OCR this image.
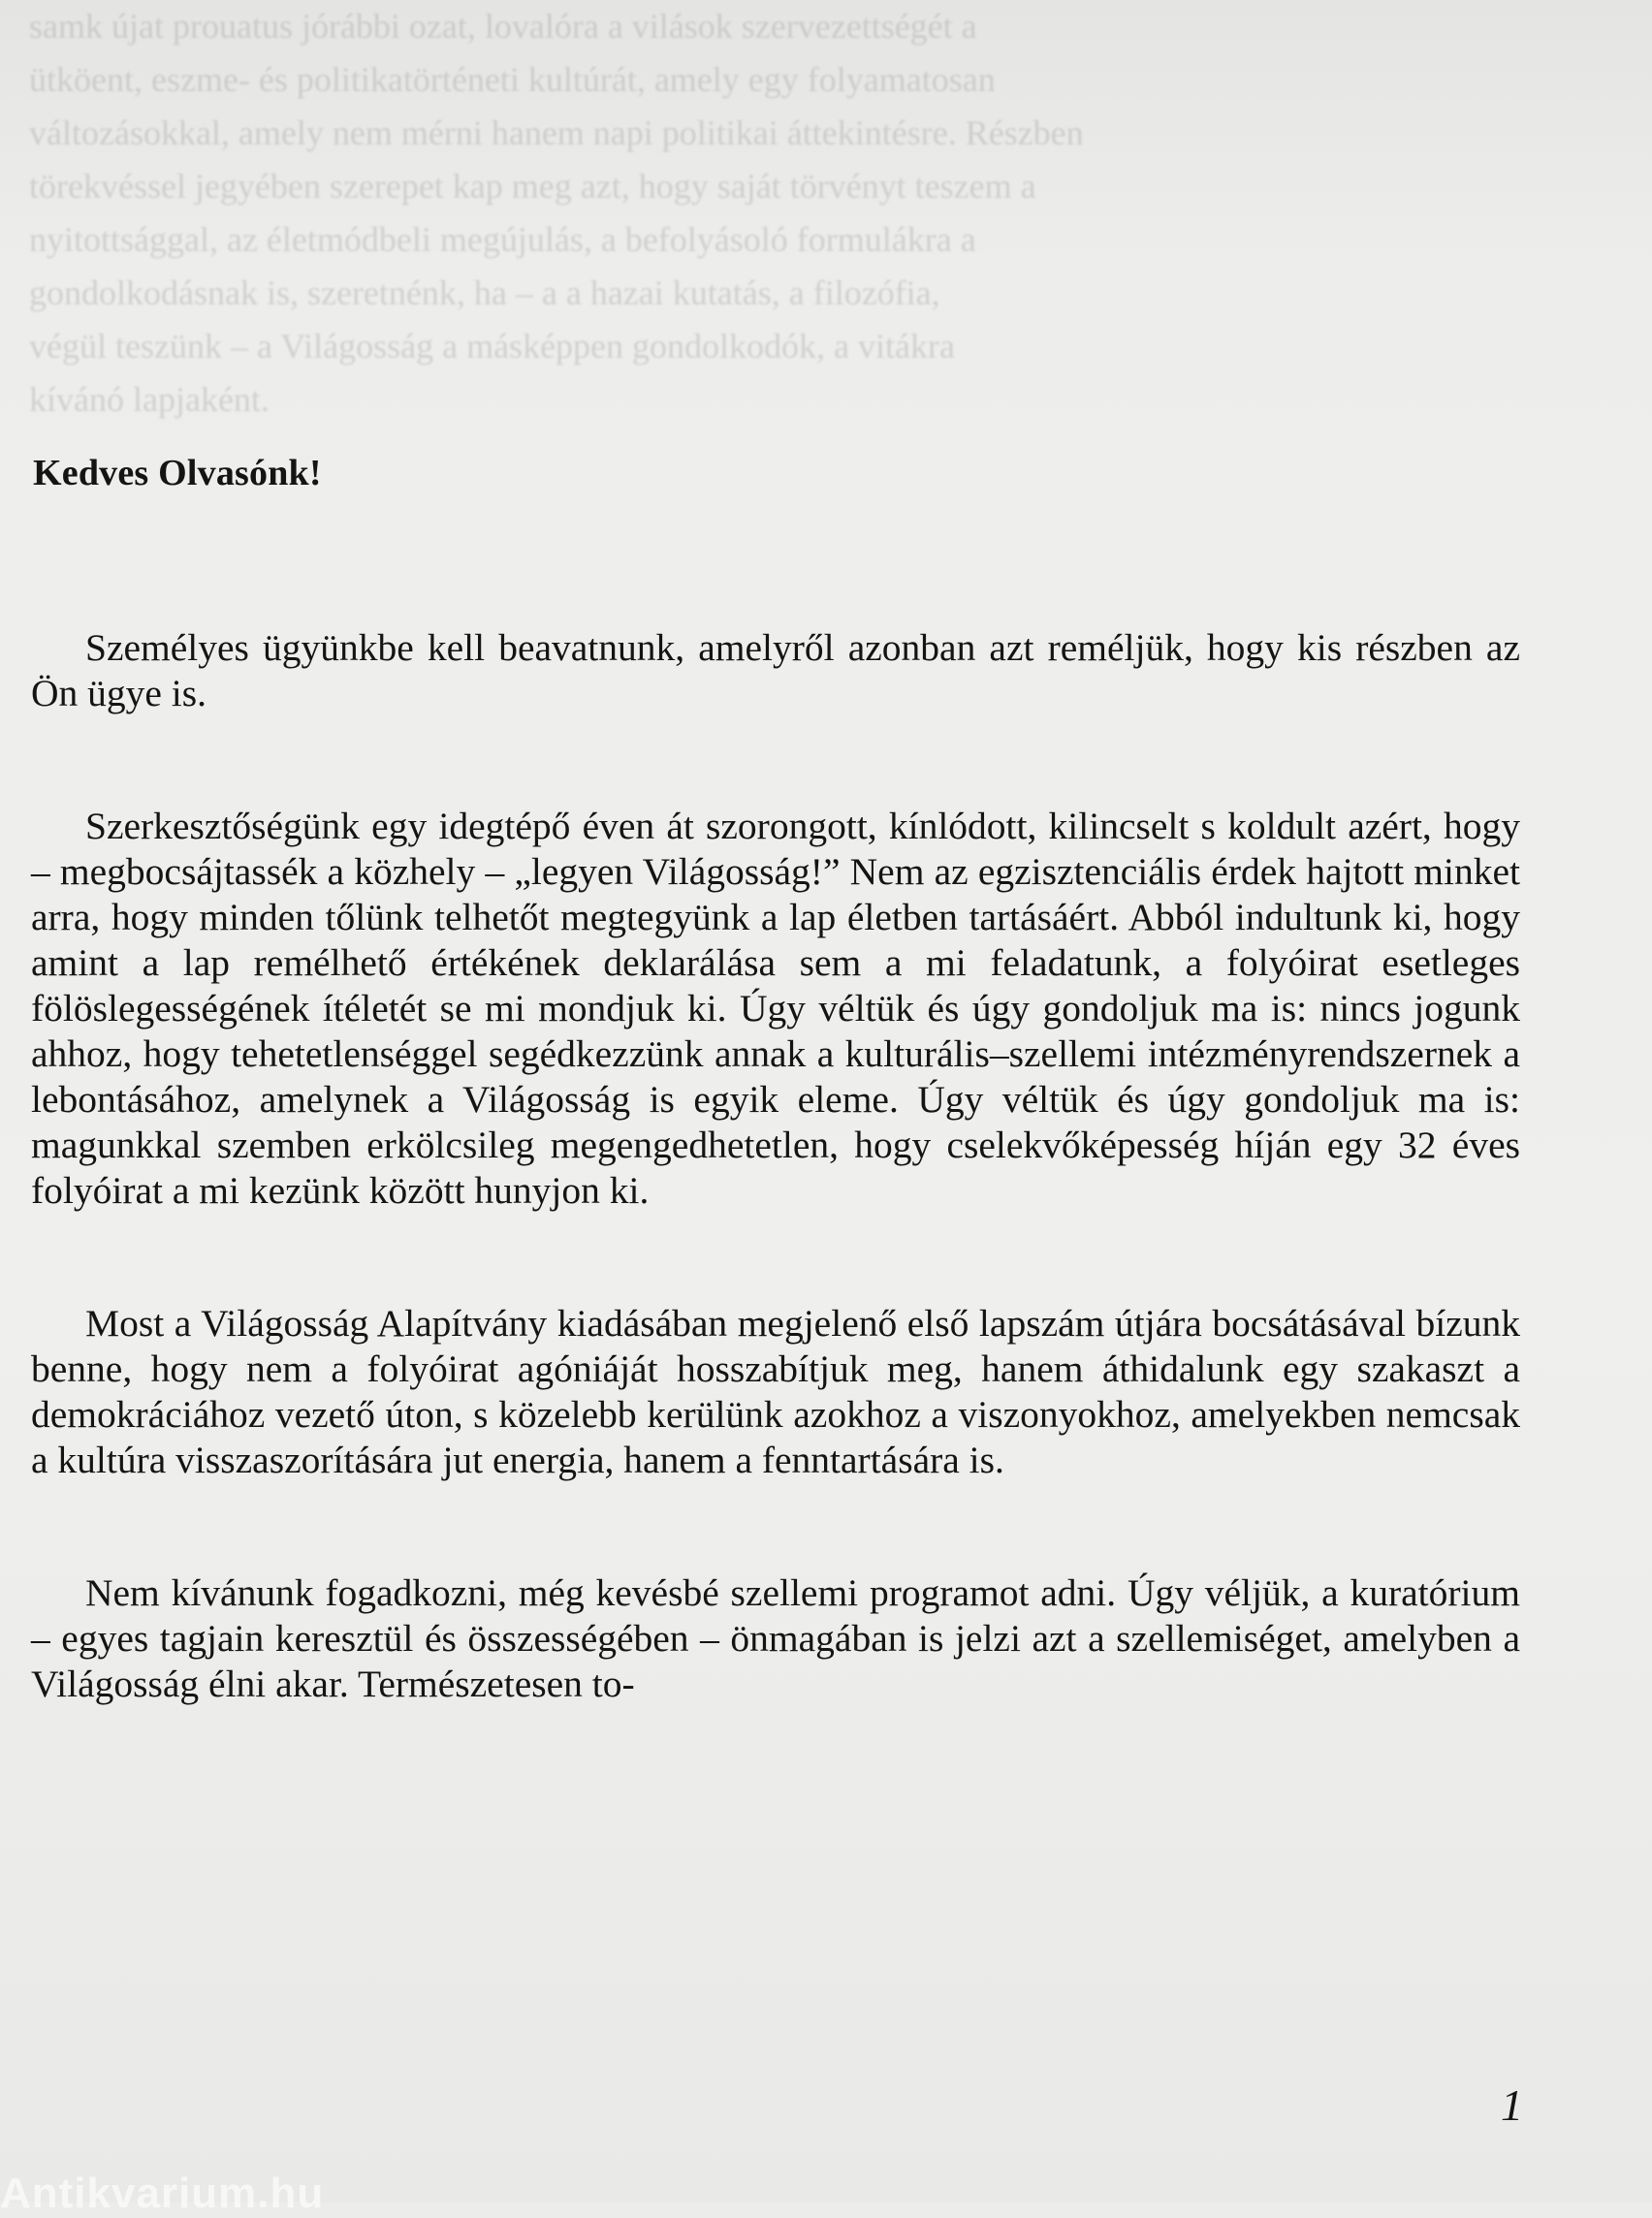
samk újat prouatus jórábbi ozat, lovalóra a vilások szervezettségét a

ütköent, eszme- és politikatörténeti kultúrát, amely egy folyamatosan

változásokkal, amely nem mérni hanem napi politikai áttekintésre. Részben

törekvéssel jegyében szerepet kap meg azt, hogy saját törvényt teszem a

nyitottsággal, az életmódbeli megújulás, a befolyásoló formulákra a

gondolkodásnak is, szeretnénk, ha – a a hazai kutatás, a filozófia,

végül teszünk – a Világosság a másképpen gondolkodók, a vitákra

kívánó lapjaként.

Kedves Olvasónk!

Személyes ügyünkbe kell beavatnunk, amelyről azonban azt reméljük, hogy kis részben az Ön ügye is.

Szerkesztőségünk egy idegtépő éven át szorongott, kínlódott, kilincselt s koldult azért, hogy – megbocsájtassék a közhely – „legyen Világosság!” Nem az egzisztenciális érdek hajtott minket arra, hogy minden tőlünk telhetőt megtegyünk a lap életben tartásáért. Abból indultunk ki, hogy amint a lap remélhető értékének deklarálása sem a mi feladatunk, a folyóirat esetleges fölöslegességének ítéletét se mi mondjuk ki. Úgy véltük és úgy gondoljuk ma is: nincs jogunk ahhoz, hogy tehetetlenséggel segédkezzünk annak a kulturális–szellemi intézményrendszernek a lebontásához, amelynek a Világosság is egyik eleme. Úgy véltük és úgy gondoljuk ma is: magunkkal szemben erkölcsileg megengedhetetlen, hogy cselekvőképesség híján egy 32 éves folyóirat a mi kezünk között hunyjon ki.

Most a Világosság Alapítvány kiadásában megjelenő első lapszám útjára bocsátásával bízunk benne, hogy nem a folyóirat agóniáját hosszabítjuk meg, hanem áthidalunk egy szakaszt a demokráciához vezető úton, s közelebb kerülünk azokhoz a viszonyokhoz, amelyekben nemcsak a kultúra visszaszorítására jut energia, hanem a fenntartására is.

Nem kívánunk fogadkozni, még kevésbé szellemi programot adni. Úgy véljük, a kuratórium – egyes tagjain keresztül és összességében – önmagában is jelzi azt a szellemiséget, amelyben a Világosság élni akar. Természetesen to-

1

Antikvarium.hu
